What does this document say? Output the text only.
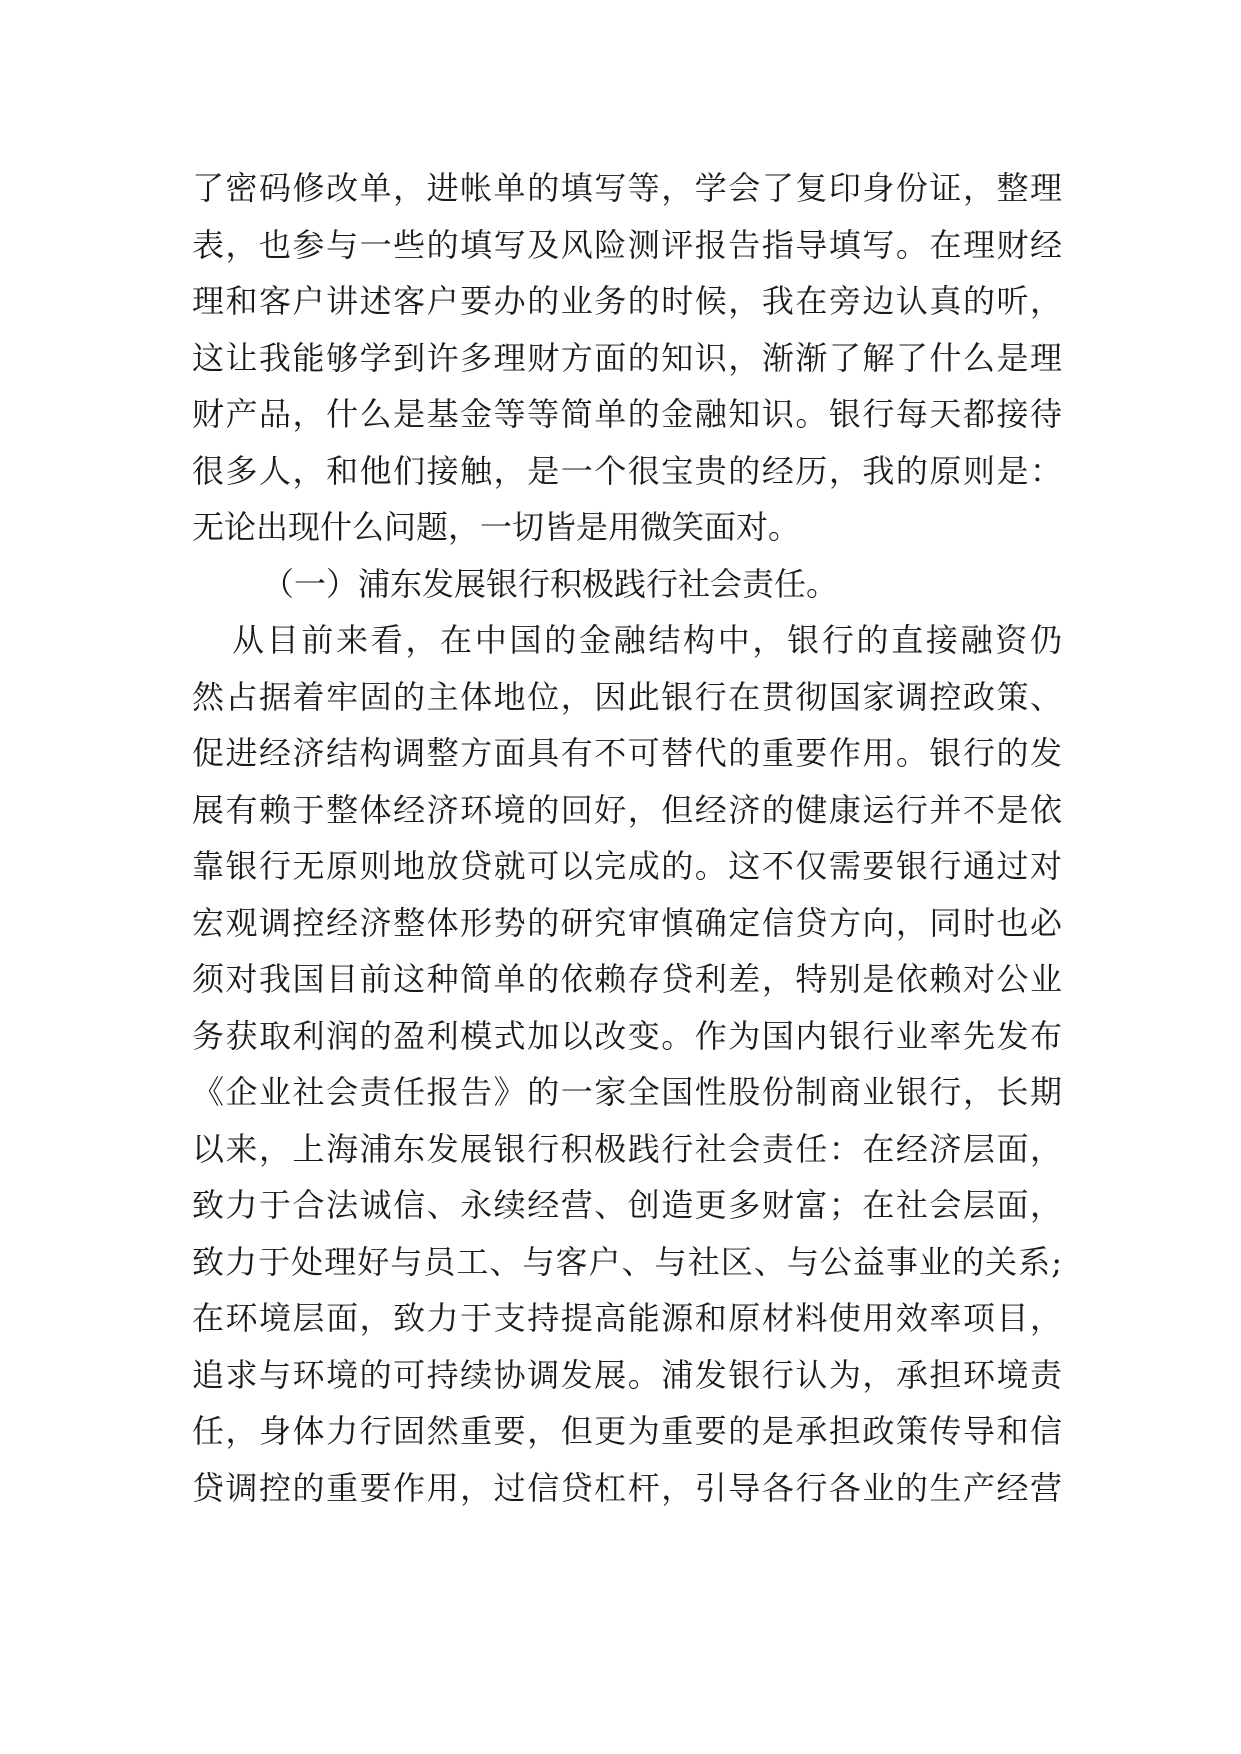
了密码修改单，进帐单的填写等，学会了复印身份证，整理
表，也参与一些的填写及风险测评报告指导填写。在理财经
理和客户讲述客户要办的业务的时候，我在旁边认真的听，
这让我能够学到许多理财方面的知识，渐渐了解了什么是理
财产品，什么是基金等等简单的金融知识。银行每天都接待
很多人，和他们接触，是一个很宝贵的经历，我的原则是：
无论出现什么问题，一切皆是用微笑面对。
（一）浦东发展银行积极践行社会责任。
从目前来看，在中国的金融结构中，银行的直接融资仍
然占据着牢固的主体地位，因此银行在贯彻国家调控政策、
促进经济结构调整方面具有不可替代的重要作用。银行的发
展有赖于整体经济环境的回好，但经济的健康运行并不是依
靠银行无原则地放贷就可以完成的。这不仅需要银行通过对
宏观调控经济整体形势的研究审慎确定信贷方向，同时也必
须对我国目前这种简单的依赖存贷利差，特别是依赖对公业
务获取利润的盈利模式加以改变。作为国内银行业率先发布
《企业社会责任报告》的一家全国性股份制商业银行，长期
以来，上海浦东发展银行积极践行社会责任：在经济层面，
致力于合法诚信、永续经营、创造更多财富；在社会层面，
致力于处理好与员工、与客户、与社区、与公益事业的关系;
在环境层面，致力于支持提高能源和原材料使用效率项目，
追求与环境的可持续协调发展。浦发银行认为，承担环境责
任，身体力行固然重要，但更为重要的是承担政策传导和信
贷调控的重要作用，过信贷杠杆，引导各行各业的生产经营
